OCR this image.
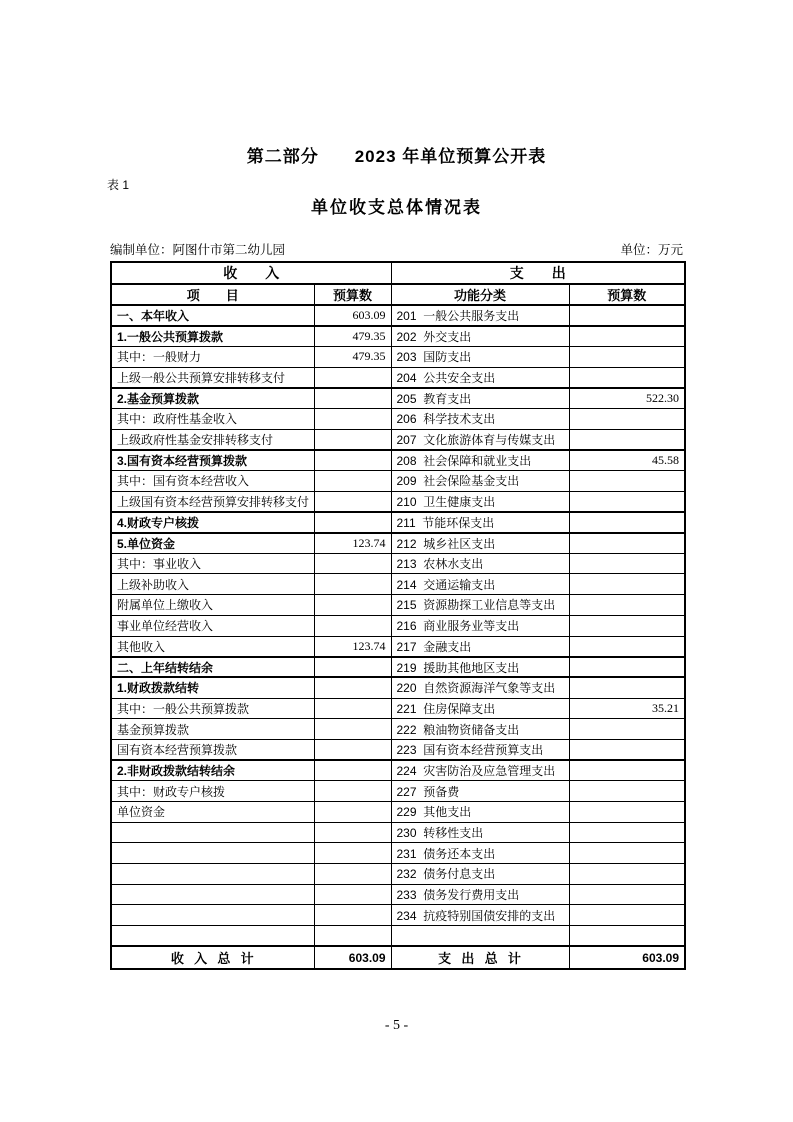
第二部分　　2023 年单位预算公开表
表 1
单位收支总体情况表
编制单位：阿图什市第二幼儿园	单位：万元
收　　入		支　　出	
项　　目	预算数	功能分类	预算数
一、本年收入	603.09	201  一般公共服务支出	
1.一般公共预算拨款	479.35	202  外交支出	
其中：一般财力	479.35	203  国防支出	
上级一般公共预算安排转移支付		204  公共安全支出	
2.基金预算拨款		205  教育支出	522.30
其中：政府性基金收入		206  科学技术支出	
上级政府性基金安排转移支付		207  文化旅游体育与传媒支出	
3.国有资本经营预算拨款		208  社会保障和就业支出	45.58
其中：国有资本经营收入		209  社会保险基金支出	
上级国有资本经营预算安排转移支付		210  卫生健康支出	
4.财政专户核拨		211  节能环保支出	
5.单位资金	123.74	212  城乡社区支出	
其中：事业收入		213  农林水支出	
上级补助收入		214  交通运输支出	
附属单位上缴收入		215  资源勘探工业信息等支出	
事业单位经营收入		216  商业服务业等支出	
其他收入	123.74	217  金融支出	
二、上年结转结余		219  援助其他地区支出	
1.财政拨款结转		220  自然资源海洋气象等支出	
其中：一般公共预算拨款		221  住房保障支出	35.21
基金预算拨款		222  粮油物资储备支出	
国有资本经营预算拨款		223  国有资本经营预算支出	
2.非财政拨款结转结余		224  灾害防治及应急管理支出	
其中：财政专户核拨		227  预备费	
单位资金		229  其他支出	
		230  转移性支出	
		231  债务还本支出	
		232  债务付息支出	
		233  债务发行费用支出	
		234  抗疫特别国债安排的支出	

收  入  总  计	603.09	支  出  总  计	603.09
- 5 -
